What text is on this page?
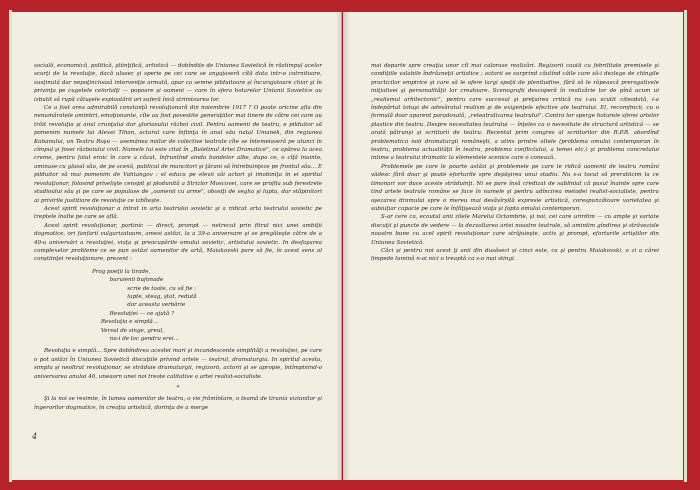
socială, economică, politică, ştiinţifică, artistică — dobîndite de Uniunea Sovietică în răstimpul acelor scurţi de la revoluţie, dacă ulusec şi sperie pe cei care se angajaseră cîtă data intr-o cotrnitoare, susţinută dar nepoţincioasă intervenţie armată, apar ca semne pilduitoare şi încurajatoare chiar şi în privinţa pe cugetele celorlalţi — popoare şi oameni — care în sfera hotarelor Uniunii Sovietice au izbutit să rupă cătuşele exploatării ori suferă încă strimtoarea lor.

Ce a fost orea admirabilă constanţă revoluţionară din noiembrie 1917 ? O poate oricine afla din nenumăratele amintiri, emoţionante, cîte au fost povestite generaţiilor mai tinere de către cei care au trăit revoluţia şi anul crunţului dar gloriosului război civil. Pentru oamenii de teatru, e pilduitor să pomenim numele lui Alexei Tihon, actorul care înfiinţa în anul său natal Umanek, din regiunea Kubanului, un Teatru Roşu — asemănea miilor de colective teatrale cîte se întemeiaseră pe atunci în cîmpul şi fosei războiului civil. Numele lui este citat în „Buletinul Artei Dramatice", ce apărea la acea creme, pentru faiul eroic în care a căzut, înfruntînd ainda bandelor albe, dupa ce, o cîţă inainte, aminase cu glasul său, de pe scenă, publicul de muncitori şi ţărani să întrebuinţeze pe frontul său... E pilduitor să mai pomenim de Vahtangov : el educa pe elevii săi actori şi imobiniţa în ei spiritul revoluţionar, folosind privelişte censpit şi plodunită a Strizlor Moscovei, care se profila sub ferestrele studioului său şi pe care se populase de „oamenii cu arme", obosiţi de vegha şi lupta, dar stăpinitori ai privirile justitiare de revoluţie ce izbîteşte.

Acest spirit revoluţionar a intrat in arta teatrului sovietic şi a ridicat arta teatrului sovietic pe treptele înalte pe care se află.

Acest spirit revoluţionar, partinic — direct, prompt — netrecut prin fitrul nici unei ambiţii dogmatice, ori fanfarii vulgarizatoare, amesi astăzi, la a 39-a aniversare şi se pregăteşte către de a 40-a aniversări a revoluţiei, viaţa şi preocupările omului sovietic, artistului sovietic. In desfaşurea complexelor probleme ce se pun astăzi oamenilor de artă, Maiakovski pare să fie, în acest sens al conştiinţei revoluţionare, prezent :

Prog poeţii la tirade,
buruienii bufonade
scrie de toate, cu să fie :
lupte, steag, ştat, redută
dar aceasta verbărie
Revoluţiei — ce ajută ?
Revoluţia e simplă...
Versul de singe, greul,
nu-i de loc gendru erei...

Revoluţia e simplă... Spre dobîndirea acestei mari şi incandescente simplităţi a revoluţiei, pe care o pot astăzi în Uniunea Sovietică discuţiile privind artele — teatrul, dramaturgia. In spiritul acesta, simplu şi neoltrat revoluţionar, se străduie dramaturgii, regizorii, actorii şi se apropie, întîmpinind-o aniversarea anului 40, uneaorn unei noi treote calitative a artei realist-socialiste.

*

Şi la noi se resimte, în lumea oamenilor de teatru, o vie frămîntare, o teamă de tirania viziunilor şi îngerorilor dogmatice, în creaţia artistică, dorinţa de a merge

4

mai departe spre creaţia unor cît mai calorase realizări. Regizorii caută cu febrilitate premisele şi condiţiile valabile îndrăzneţii artistice ; actorii se surprind căutînd căile care să-i dezlege de chingile practicilor empirice şi care să le ofere largi spaţii de plenitudine, fără să le răpească prerogativele iniţiativei şi personalităţii lor creatoare. Scenografii descoperă în realizărie lor de pînă acum ui „realismul arhitectonic", pentru care succesul şi preţuirea critică nu i-au scutit citeodată, i-a îndepărtat totuşi de adevăratul realism şi de exigenţele efective ale teatrului. El, recomfincii, cu o formulă doar aparent paradoxală, „reteatralizarea teatrului". Contra lor sperge hotarele sferei artelor plastice din teatru. Despre necesitatea teatrului — înţeles ca o necesitate de structură artistică — se arată pătrunşi şi scriitorii de teatru. Recentul prim congres al scriitorilor din R.P.R. abordînd problematica noii dramaturgii româneşti, a atins printre altele (problema omului contemporan în teatru, problema actualităţii în teatru, problema conflictului, a temei etc.) şi problema concretului intime a teatrului dramatic la elementele scenice care o conează.

Problemele pe care le poarte astăzi şi problemele pe care le ridică oamenii de teatru români vădesc fără doar şi poate eforturile spre depăşirea unui stadiu. Nu s-a tocul să preratiicim la ce timonari vor duce aceste străduinţi. Ni se pare însă credizat de subliniat că pasul înainte spre care tind artele teatrale române se face în numele şi pentru adîncirea metodei realist-socialiste, pentru aşezarea dramului spre o mereu mai desăvîrşită expresie artistică, corespunzătoare varietatea şi subiuţiar capacie pe care le înfăţişează viaţa şi fapta omului contemporan.

S-ar cere ca, ecoutul anii zilele Marelui Octombrie, şi noi, cei care urirdim — cu ample şi variate discuţii şi puncte de vedere — la dezvoltarea artei noastre teatrale, să amintim gîndirea şi străvezisle noastre bune cu acel spirit revoluţionar care străjuieşte, activ şi prompt, eforturile artiştilor din Uniunea Sovietică.

Căci şi pentru noi acest ţi anii din dusăseci şi cinci este, ca şi pentru Maiakovski, o zi a cărei limpede lumină n-ai nici o treaptă ca s-o mai stingi.
